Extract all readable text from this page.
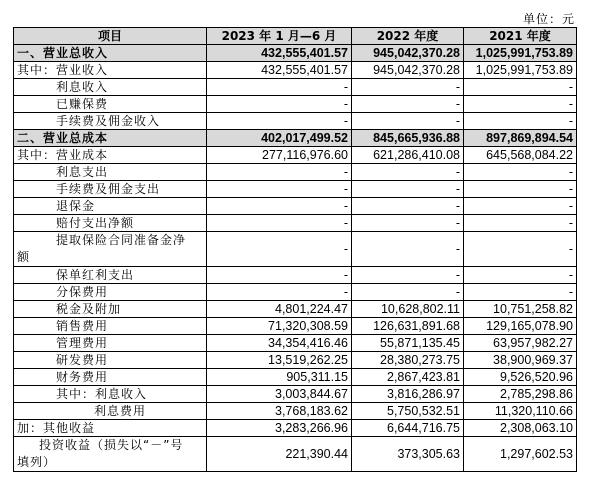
单位：元
项目	2023 年 1 月—6 月	2022 年度	2021 年度
一、营业总收入	432,555,401.57	945,042,370.28	1,025,991,753.89
其中：营业收入	432,555,401.57	945,042,370.28	1,025,991,753.89
利息收入	-	-	-
已赚保费	-	-	-
手续费及佣金收入	-	-	-
二、营业总成本	402,017,499.52	845,665,936.88	897,869,894.54
其中：营业成本	277,116,976.60	621,286,410.08	645,568,084.22
利息支出	-	-	-
手续费及佣金支出	-	-	-
退保金	-	-	-
赔付支出净额	-	-	-

提取保险合同准备金净
额	-	-	-
保单红利支出	-	-	-
分保费用	-	-	-
税金及附加	4,801,224.47	10,628,802.11	10,751,258.82
销售费用	71,320,308.59	126,631,891.68	129,165,078.90
管理费用	34,354,416.46	55,871,135.45	63,957,982.27
研发费用	13,519,262.25	28,380,273.75	38,900,969.37
财务费用	905,311.15	2,867,423.81	9,526,520.96
其中：利息收入	3,003,844.67	3,816,286.97	2,785,298.86
利息费用	3,768,183.62	5,750,532.51	11,320,110.66
加：其他收益	3,283,266.96	6,644,716.75	2,308,063.10

投资收益（损失以“－”号
填列）	221,390.44	373,305.63	1,297,602.53
